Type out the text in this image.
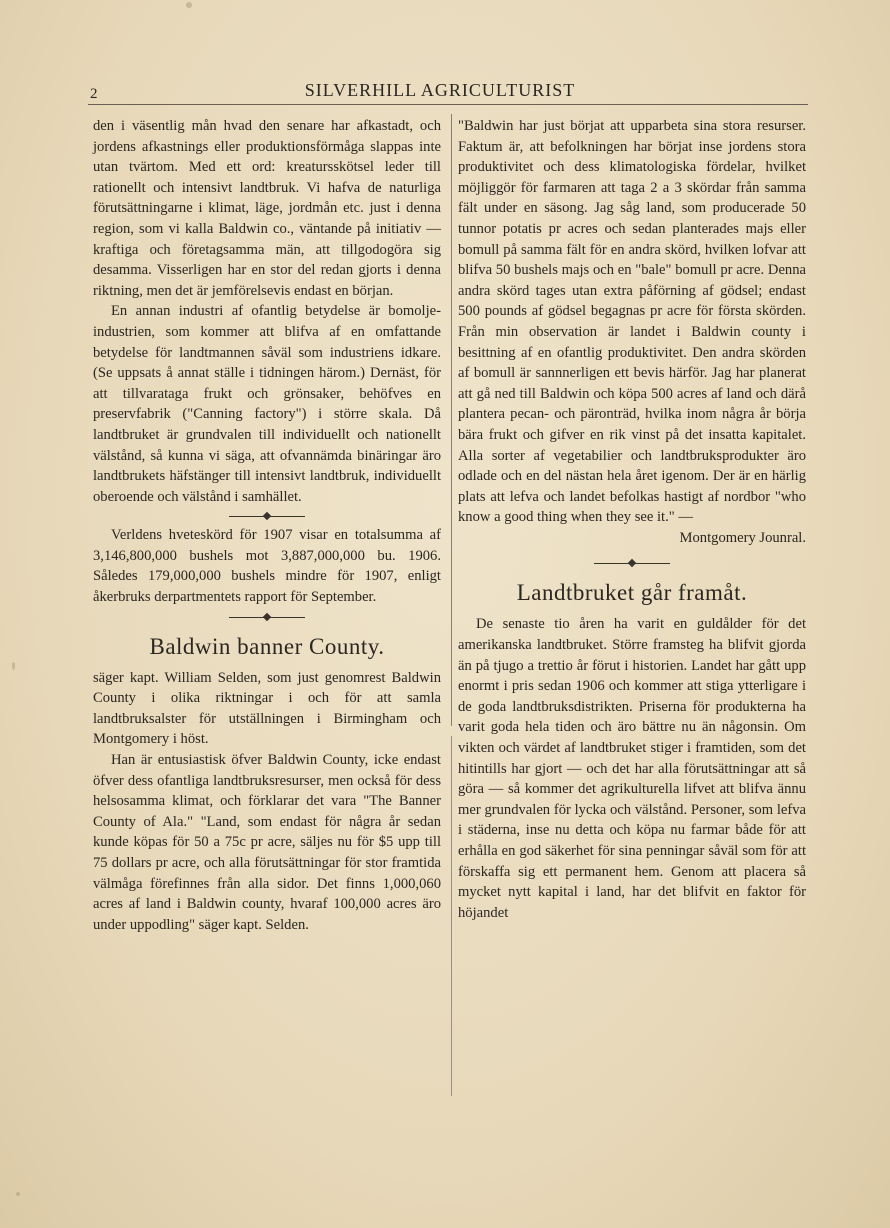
2	SILVERHILL AGRICULTURIST

den i väsentlig mån hvad den senare har afkastadt, och jordens afkastnings eller produktionsförmåga slappas inte utan tvärtom. Med ett ord: kreatursskötsel leder till rationellt och intensivt landtbruk. Vi hafva de naturliga förutsättningarne i klimat, läge, jordmån etc. just i denna region, som vi kalla Baldwin co., väntande på initiativ — kraftiga och företagsamma män, att tillgodogöra sig desamma. Visserligen har en stor del redan gjorts i denna riktning, men det är jemförelsevis endast en början.

En annan industri af ofantlig betydelse är bomolje-industrien, som kommer att blifva af en omfattande betydelse för landtmannen såväl som industriens idkare. (Se uppsats å annat ställe i tidningen härom.) Dernäst, för att tillvaratagа frukt och grönsaker, behöfves en preservfabrik ("Canning factory") i större skala. Då landtbruket är grundvalen till individuellt och nationellt välstånd, så kunna vi säga, att ofvannämda binäringar äro landtbrukets häfstänger till intensivt landtbruk, individuellt oberoende och välstånd i samhället.

Verldens hveteskörd för 1907 visar en totalsumma af 3,146,800,000 bushels mot 3,887,000,000 bu. 1906. Således 179,000,000 bushels mindre för 1907, enligt åkerbruks derpartmentets rapport för September.

Baldwin banner County.

säger kapt. William Selden, som just genomrest Baldwin County i olika riktningar i och för att samla landtbruksalster för utställningen i Birmingham och Montgomery i höst.

Han är entusiastisk öfver Baldwin County, icke endast öfver dess ofantliga landtbruksresurser, men också för dess helsosamma klimat, och förklarar det vara "The Banner County of Ala." "Land, som endast för några år sedan kunde köpas för 50 a 75c pr acre, säljes nu för $5 upp till 75 dollars pr acre, och alla förutsättningar för stor framtida välmåga förefinnes från alla sidor. Det finns 1,000,060 acres af land i Baldwin county, hvaraf 100,000 acres äro under uppodling" säger kapt. Selden.

"Baldwin har just börjat att upparbeta sina stora resurser. Faktum är, att befolkningen har börjat inse jordens stora produktivitet och dess klimatologiska fördelar, hvilket möjliggör för farmaren att taga 2 a 3 skördar från samma fält under en säsong. Jag såg land, som producerade 50 tunnor potatis pr acres och sedan planterades majs eller bomull på samma fält för en andra skörd, hvilken lofvar att blifva 50 bushels majs och en "bale" bomull pr acre. Denna andra skörd tages utan extra påförning af gödsel; endast 500 pounds af gödsel begagnas pr acre för första skörden. Från min observation är landet i Baldwin county i besittning af en ofantlig produktivitet. Den andra skörden af bomull är sannnerligen ett bevis härför. Jag har planerat att gå ned till Baldwin och köpa 500 acres af land och därå plantera pecan- och päronträd, hvilka inom några år börja bära frukt och gifver en rik vinst på det insatta kapitalet. Alla sorter af vegetabilier och landtbruksprodukter äro odlade och en del nästan hela året igenom. Der är en härlig plats att lefva och landet befolkas hastigt af nordbor "who know a good thing when they see it." —

Montgomery Jounral.

Landtbruket går framåt.

De senaste tio åren ha varit en guldålder för det amerikanska landtbruket. Större framsteg ha blifvit gjorda än på tjugo a trettio år förut i historien. Landet har gått upp enormt i pris sedan 1906 och kommer att stiga ytterligare i de goda landtbruksdistrikten. Priserna för produkterna ha varit goda hela tiden och äro bättre nu än någonsin. Om vikten och värdet af landtbruket stiger i framtiden, som det hitintills har gjort — och det har alla förutsättningar att så göra — så kommer det agrikulturella lifvet att blifva ännu mer grundvalen för lycka och välstånd. Personer, som lefva i städerna, inse nu detta och köpa nu farmar både för att erhålla en god säkerhet för sina penningar såväl som för att förskaffa sig ett permanent hem. Genom att placera så mycket nytt kapital i land, har det blifvit en faktor för höjandet
